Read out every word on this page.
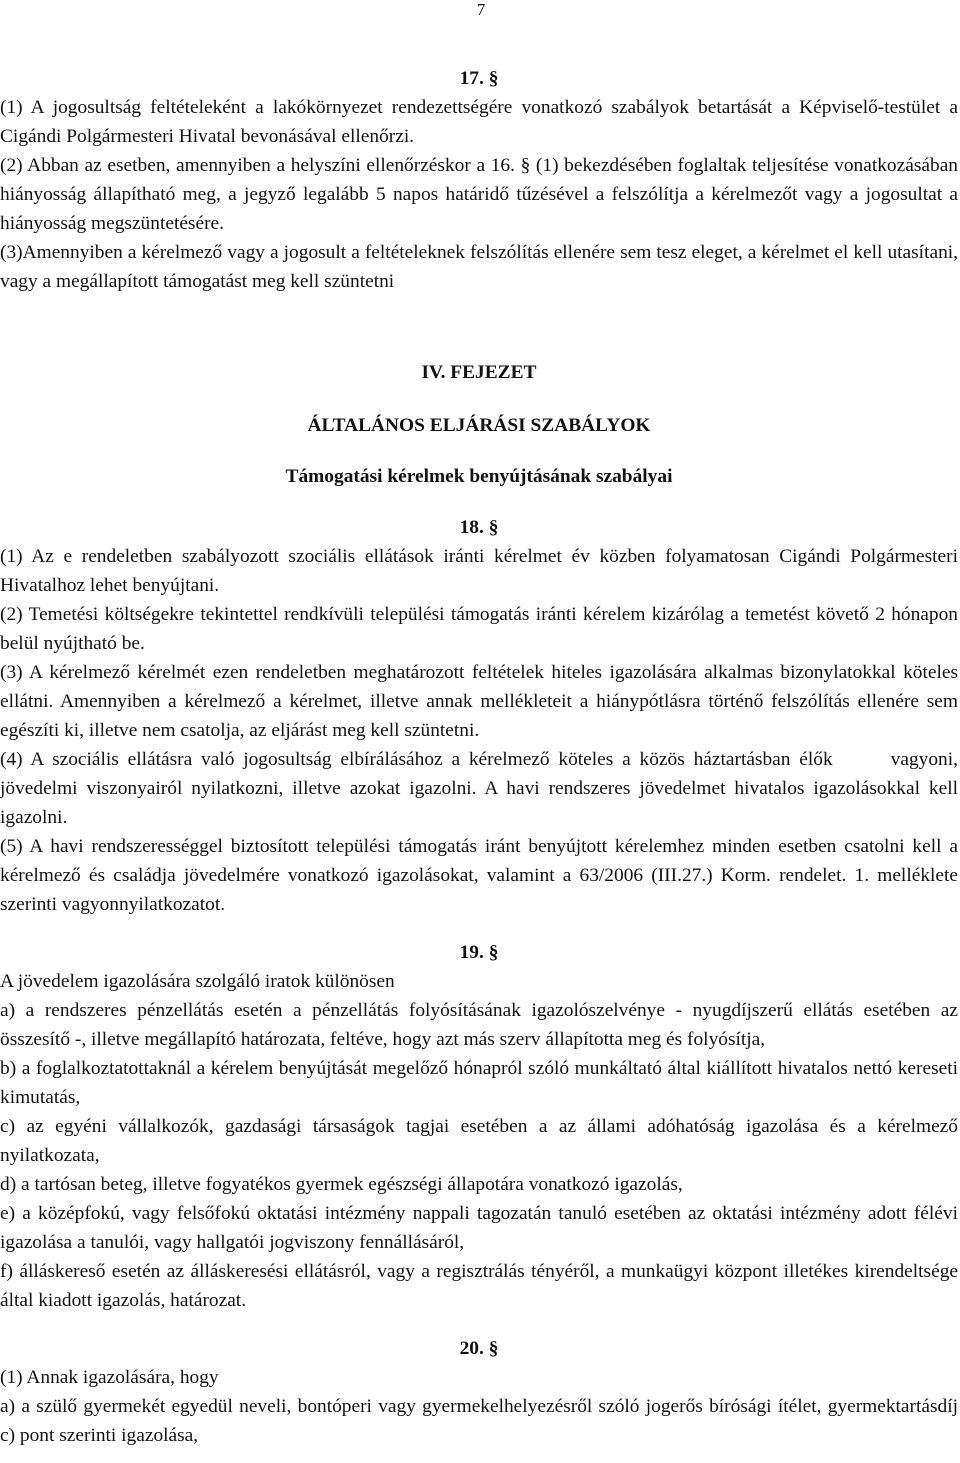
7

17. §

(1) A jogosultság feltételeként a lakókörnyezet rendezettségére vonatkozó szabályok betartását a Képviselő-testület a Cigándi Polgármesteri Hivatal bevonásával ellenőrzi.

(2) Abban az esetben, amennyiben a helyszíni ellenőrzéskor a 16. § (1) bekezdésében foglaltak teljesítése vonatkozásában hiányosság állapítható meg, a jegyző legalább 5 napos határidő tűzésével a felszólítja a kérelmezőt vagy a jogosultat a hiányosság megszüntetésére.

(3)Amennyiben a kérelmező vagy a jogosult a feltételeknek felszólítás ellenére sem tesz eleget, a kérelmet el kell utasítani, vagy a megállapított támogatást meg kell szüntetni

IV. FEJEZET

ÁLTALÁNOS ELJÁRÁSI SZABÁLYOK

Támogatási kérelmek benyújtásának szabályai

18. §

(1) Az e rendeletben szabályozott szociális ellátások iránti kérelmet év közben folyamatosan Cigándi Polgármesteri Hivatalhoz lehet benyújtani.

(2) Temetési költségekre tekintettel rendkívüli települési támogatás iránti kérelem kizárólag a temetést követő 2 hónapon belül nyújtható be.

(3) A kérelmező kérelmét ezen rendeletben meghatározott feltételek hiteles igazolására alkalmas bizonylatokkal köteles ellátni. Amennyiben a kérelmező a kérelmet, illetve annak mellékleteit a hiánypótlásra történő felszólítás ellenére sem egészíti ki, illetve nem csatolja, az eljárást meg kell szüntetni.

(4) A szociális ellátásra való jogosultság elbírálásához a kérelmező köteles a közös háztartásban élők	vagyoni, jövedelmi viszonyairól nyilatkozni, illetve azokat igazolni. A havi rendszeres jövedelmet hivatalos igazolásokkal kell igazolni.

(5) A havi rendszerességgel biztosított települési támogatás iránt benyújtott kérelemhez minden esetben csatolni kell a kérelmező és családja jövedelmére vonatkozó igazolásokat, valamint a 63/2006 (III.27.) Korm. rendelet. 1. melléklete szerinti vagyonnyilatkozatot.

19. §

A jövedelem igazolására szolgáló iratok különösen

a) a rendszeres pénzellátás esetén a pénzellátás folyósításának igazolószelvénye - nyugdíjszerű ellátás esetében az összesítő -, illetve megállapító határozata, feltéve, hogy azt más szerv állapította meg és folyósítja,

b) a foglalkoztatottaknál a kérelem benyújtását megelőző hónapról szóló munkáltató által kiállított hivatalos nettó kereseti kimutatás,

c) az egyéni vállalkozók, gazdasági társaságok tagjai esetében a az állami adóhatóság igazolása és a kérelmező nyilatkozata,

d) a tartósan beteg, illetve fogyatékos gyermek egészségi állapotára vonatkozó igazolás,

e) a középfokú, vagy felsőfokú oktatási intézmény nappali tagozatán tanuló esetében az oktatási intézmény adott félévi igazolása a tanulói, vagy hallgatói jogviszony fennállásáról,

f) álláskereső esetén az álláskeresési ellátásról, vagy a regisztrálás tényéről, a munkaügyi központ illetékes kirendeltsége által kiadott igazolás, határozat.

20. §

(1) Annak igazolására, hogy

a) a szülő gyermekét egyedül neveli, bontóperi vagy gyermekelhelyezésről szóló jogerős bírósági ítélet, gyermektartásdíj c) pont szerinti igazolása,
